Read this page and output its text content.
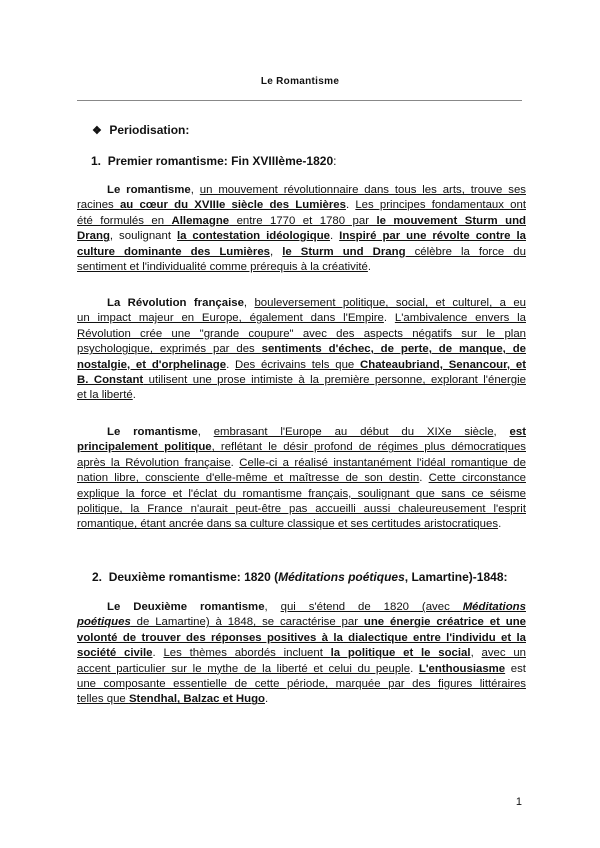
Le Romantisme
❖ Periodisation:
1. Premier romantisme: Fin XVIIIème-1820:
Le romantisme, un mouvement révolutionnaire dans tous les arts, trouve ses
racines au cœur du XVIIIe siècle des Lumières. Les principes fondamentaux ont
été formulés en Allemagne entre 1770 et 1780 par le mouvement Sturm und
Drang, soulignant la contestation idéologique. Inspiré par une révolte contre la
culture dominante des Lumières, le Sturm und Drang célèbre la force du
sentiment et l'individualité comme prérequis à la créativité.
La Révolution française, bouleversement politique, social, et culturel, a eu
un impact majeur en Europe, également dans l'Empire. L'ambivalence envers la
Révolution crée une "grande coupure" avec des aspects négatifs sur le plan
psychologique, exprimés par des sentiments d'échec, de perte, de manque, de
nostalgie, et d'orphelinage. Des écrivains tels que Chateaubriand, Senancour, et
B. Constant utilisent une prose intimiste à la première personne, explorant l'énergie
et la liberté.
Le romantisme, embrasant l'Europe au début du XIXe siècle, est
principalement politique, reflétant le désir profond de régimes plus démocratiques
après la Révolution française. Celle-ci a réalisé instantanément l'idéal romantique de
nation libre, consciente d'elle-même et maîtresse de son destin. Cette circonstance
explique la force et l'éclat du romantisme français, soulignant que sans ce séisme
politique, la France n'aurait peut-être pas accueilli aussi chaleureusement l'esprit
romantique, étant ancrée dans sa culture classique et ses certitudes aristocratiques.
2. Deuxième romantisme: 1820 (Méditations poétiques, Lamartine)-1848:
Le Deuxième romantisme, qui s'étend de 1820 (avec Méditations
poétiques de Lamartine) à 1848, se caractérise par une énergie créatrice et une
volonté de trouver des réponses positives à la dialectique entre l'individu et la
société civile. Les thèmes abordés incluent la politique et le social, avec un
accent particulier sur le mythe de la liberté et celui du peuple. L'enthousiasme est
une composante essentielle de cette période, marquée par des figures littéraires
telles que Stendhal, Balzac et Hugo.
1
